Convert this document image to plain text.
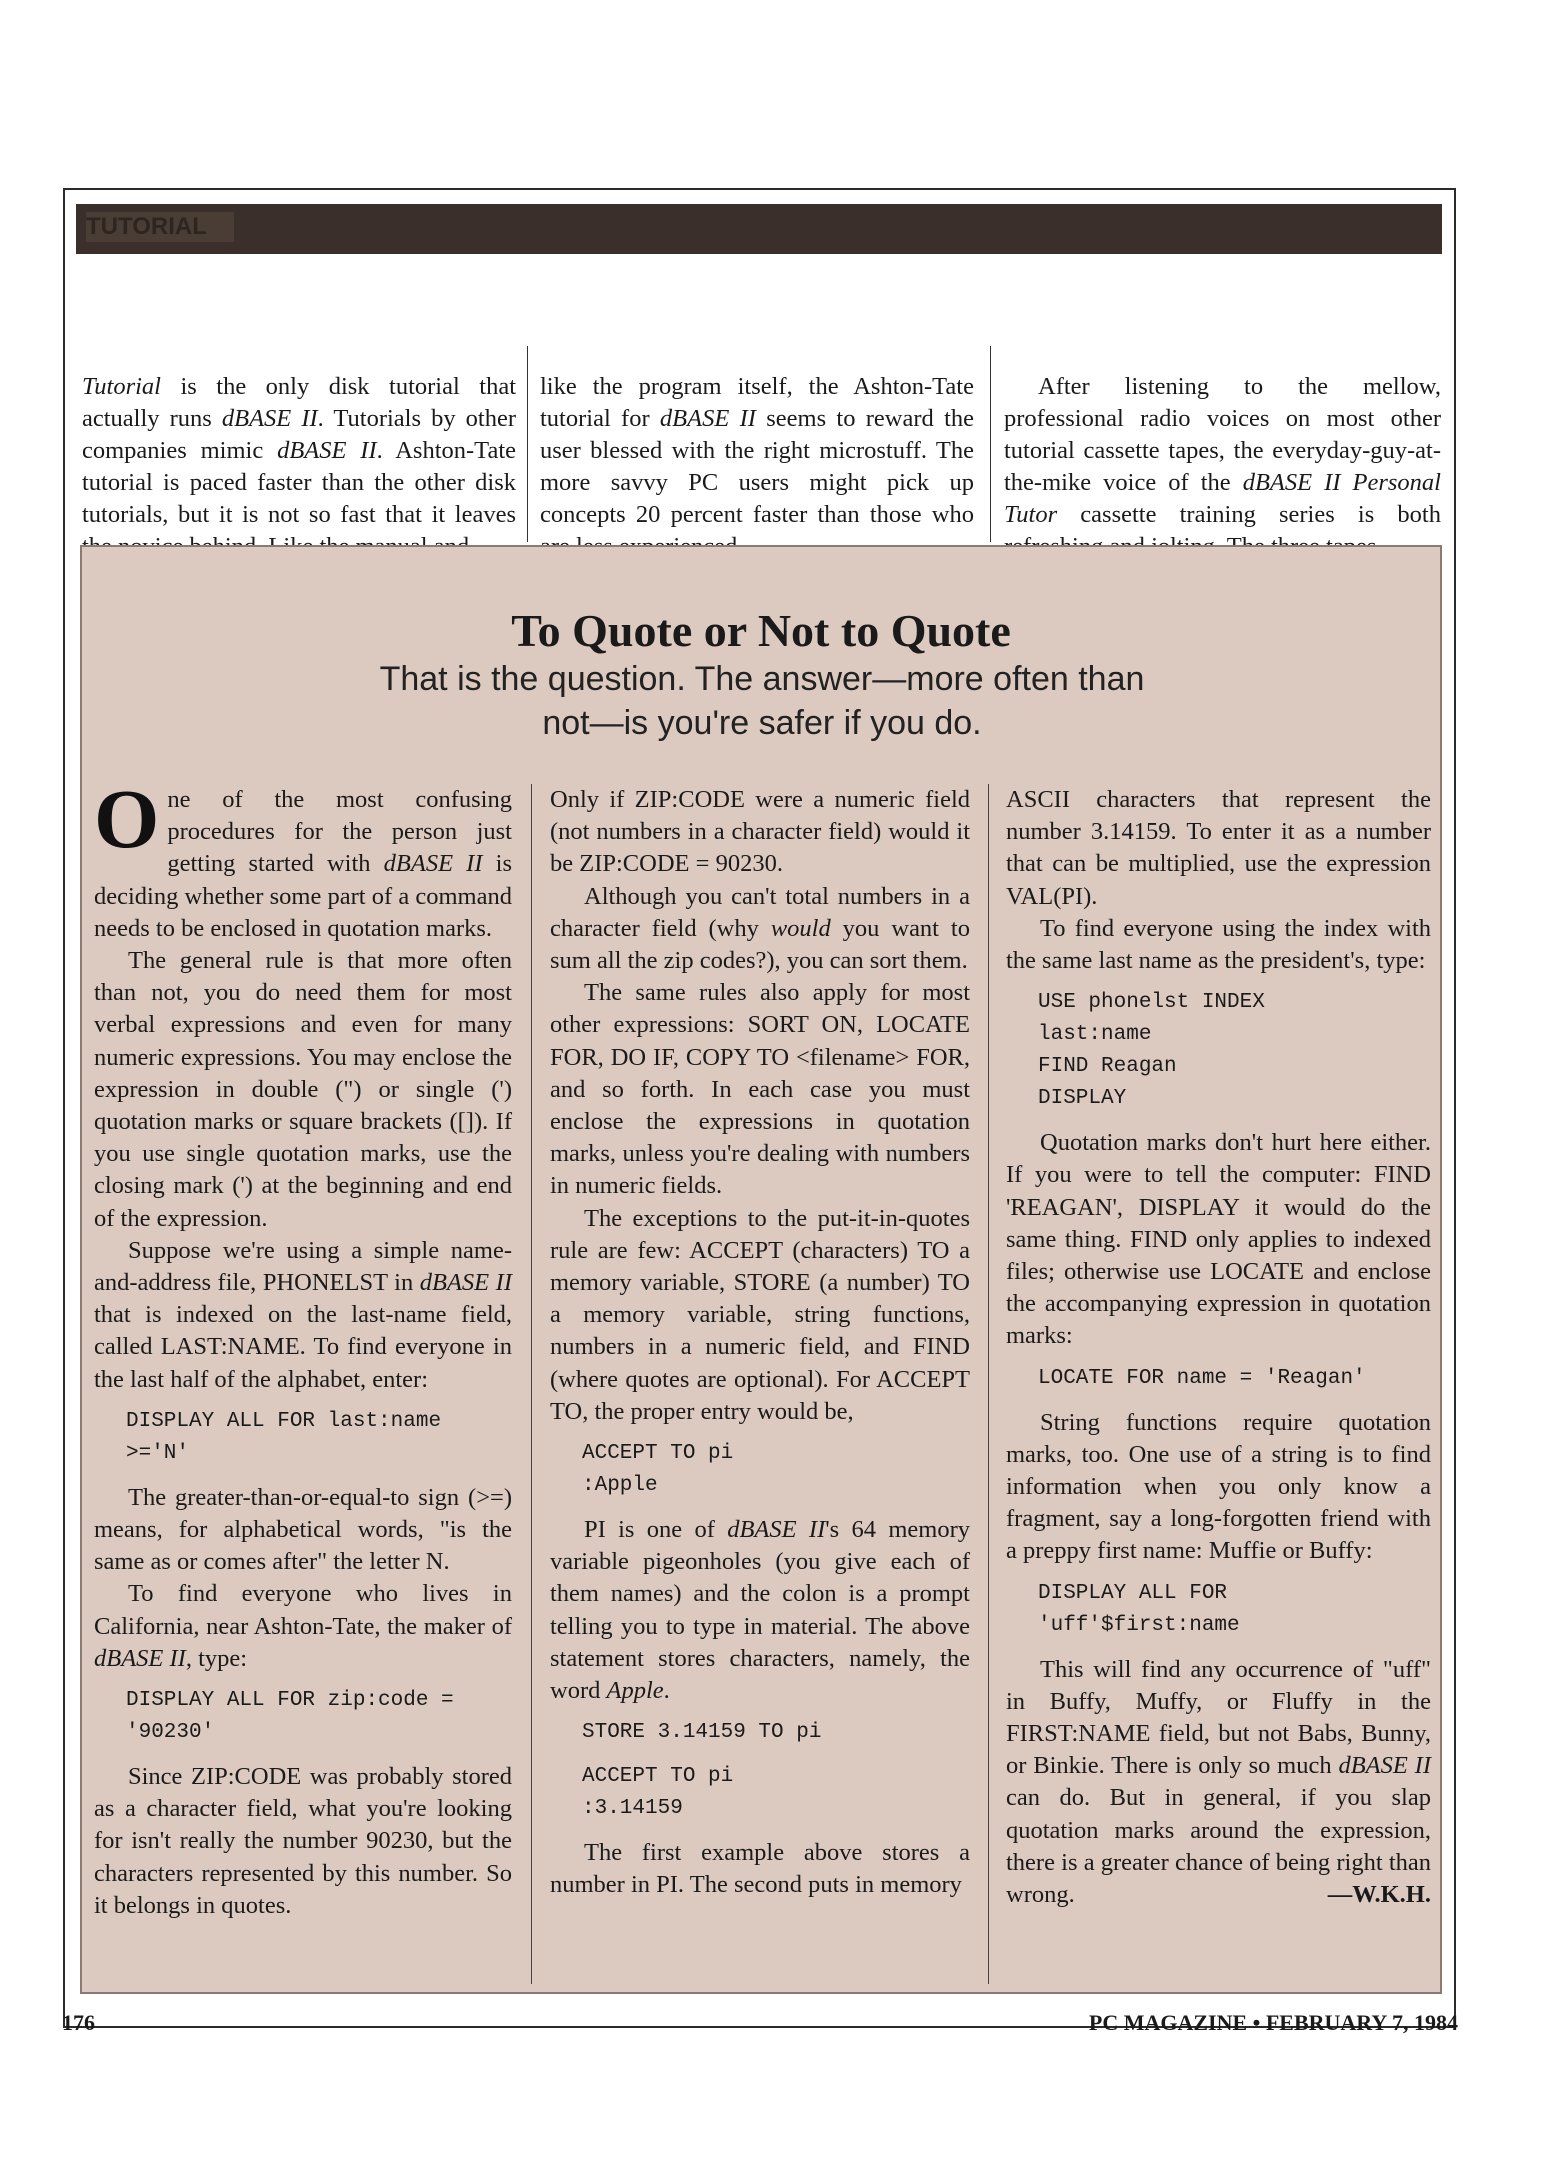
TUTORIAL

Tutorial is the only disk tutorial that actually runs dBASE II. Tutorials by other companies mimic dBASE II. Ashton-Tate tutorial is paced faster than the other disk tutorials, but it is not so fast that it leaves

like the program itself, the Ashton-Tate tutorial for dBASE II seems to reward the user blessed with the right microstuff. The more savvy PC users might pick up concepts 20 percent faster than those who

After listening to the mellow, professional radio voices on most other tutorial cassette tapes, the everyday-guy-at-the-mike voice of the dBASE II Personal Tutor cassette training series is both

To Quote or Not to Quote

That is the question. The answer—more often than not—is you're safer if you do.

One of the most confusing procedures for the person just getting started with dBASE II is deciding whether some part of a command needs to be enclosed in quotation marks.

The general rule is that more often than not, you do need them for most verbal expressions and even for many numeric expressions. You may enclose the expression in double (") or single (') quotation marks or square brackets ([]). If you use single quotation marks, use the closing mark (') at the beginning and end of the expression.

Suppose we're using a simple name-and-address file, PHONELST in dBASE II that is indexed on the last-name field, called LAST:NAME. To find everyone in the last half of the alphabet, enter:

DISPLAY ALL FOR last:name
>='N'

The greater-than-or-equal-to sign (>=) means, for alphabetical words, "is the same as or comes after" the letter N.

To find everyone who lives in California, near Ashton-Tate, the maker of dBASE II, type:

DISPLAY ALL FOR zip:code =
'90230'

Since ZIP:CODE was probably stored as a character field, what you're looking for isn't really the number 90230, but the characters represented by this number. So it belongs in quotes.

Only if ZIP:CODE were a numeric field (not numbers in a character field) would it be ZIP:CODE = 90230.

Although you can't total numbers in a character field (why would you want to sum all the zip codes?), you can sort them.

The same rules also apply for most other expressions: SORT ON, LOCATE FOR, DO IF, COPY TO <filename> FOR, and so forth. In each case you must enclose the expressions in quotation marks, unless you're dealing with numbers in numeric fields.

The exceptions to the put-it-in-quotes rule are few: ACCEPT (characters) TO a memory variable, STORE (a number) TO a memory variable, string functions, numbers in a numeric field, and FIND (where quotes are optional). For ACCEPT TO, the proper entry would be,

ACCEPT TO pi
:Apple

PI is one of dBASE II's 64 memory variable pigeonholes (you give each of them names) and the colon is a prompt telling you to type in material. The above statement stores characters, namely, the word Apple.

STORE 3.14159 TO pi
ACCEPT TO pi
:3.14159

The first example above stores a number in PI. The second puts in memory

ASCII characters that represent the number 3.14159. To enter it as a number that can be multiplied, use the expression VAL(PI).

To find everyone using the index with the same last name as the president's, type:

USE phonelst INDEX
last:name
FIND Reagan
DISPLAY

Quotation marks don't hurt here either. If you were to tell the computer: FIND 'REAGAN', DISPLAY it would do the same thing. FIND only applies to indexed files; otherwise use LOCATE and enclose the accompanying expression in quotation marks:

LOCATE FOR name = 'Reagan'

String functions require quotation marks, too. One use of a string is to find information when you only know a fragment, say a long-forgotten friend with a preppy first name: Muffie or Buffy:

DISPLAY ALL FOR
'uff'$first:name

This will find any occurrence of "uff" in Buffy, Muffy, or Fluffy in the FIRST:NAME field, but not Babs, Bunny, or Binkie. There is only so much dBASE II can do. But in general, if you slap quotation marks around the expression, there is a greater chance of being right than wrong.	—W.K.H.

176	PC MAGAZINE • FEBRUARY 7, 1984
